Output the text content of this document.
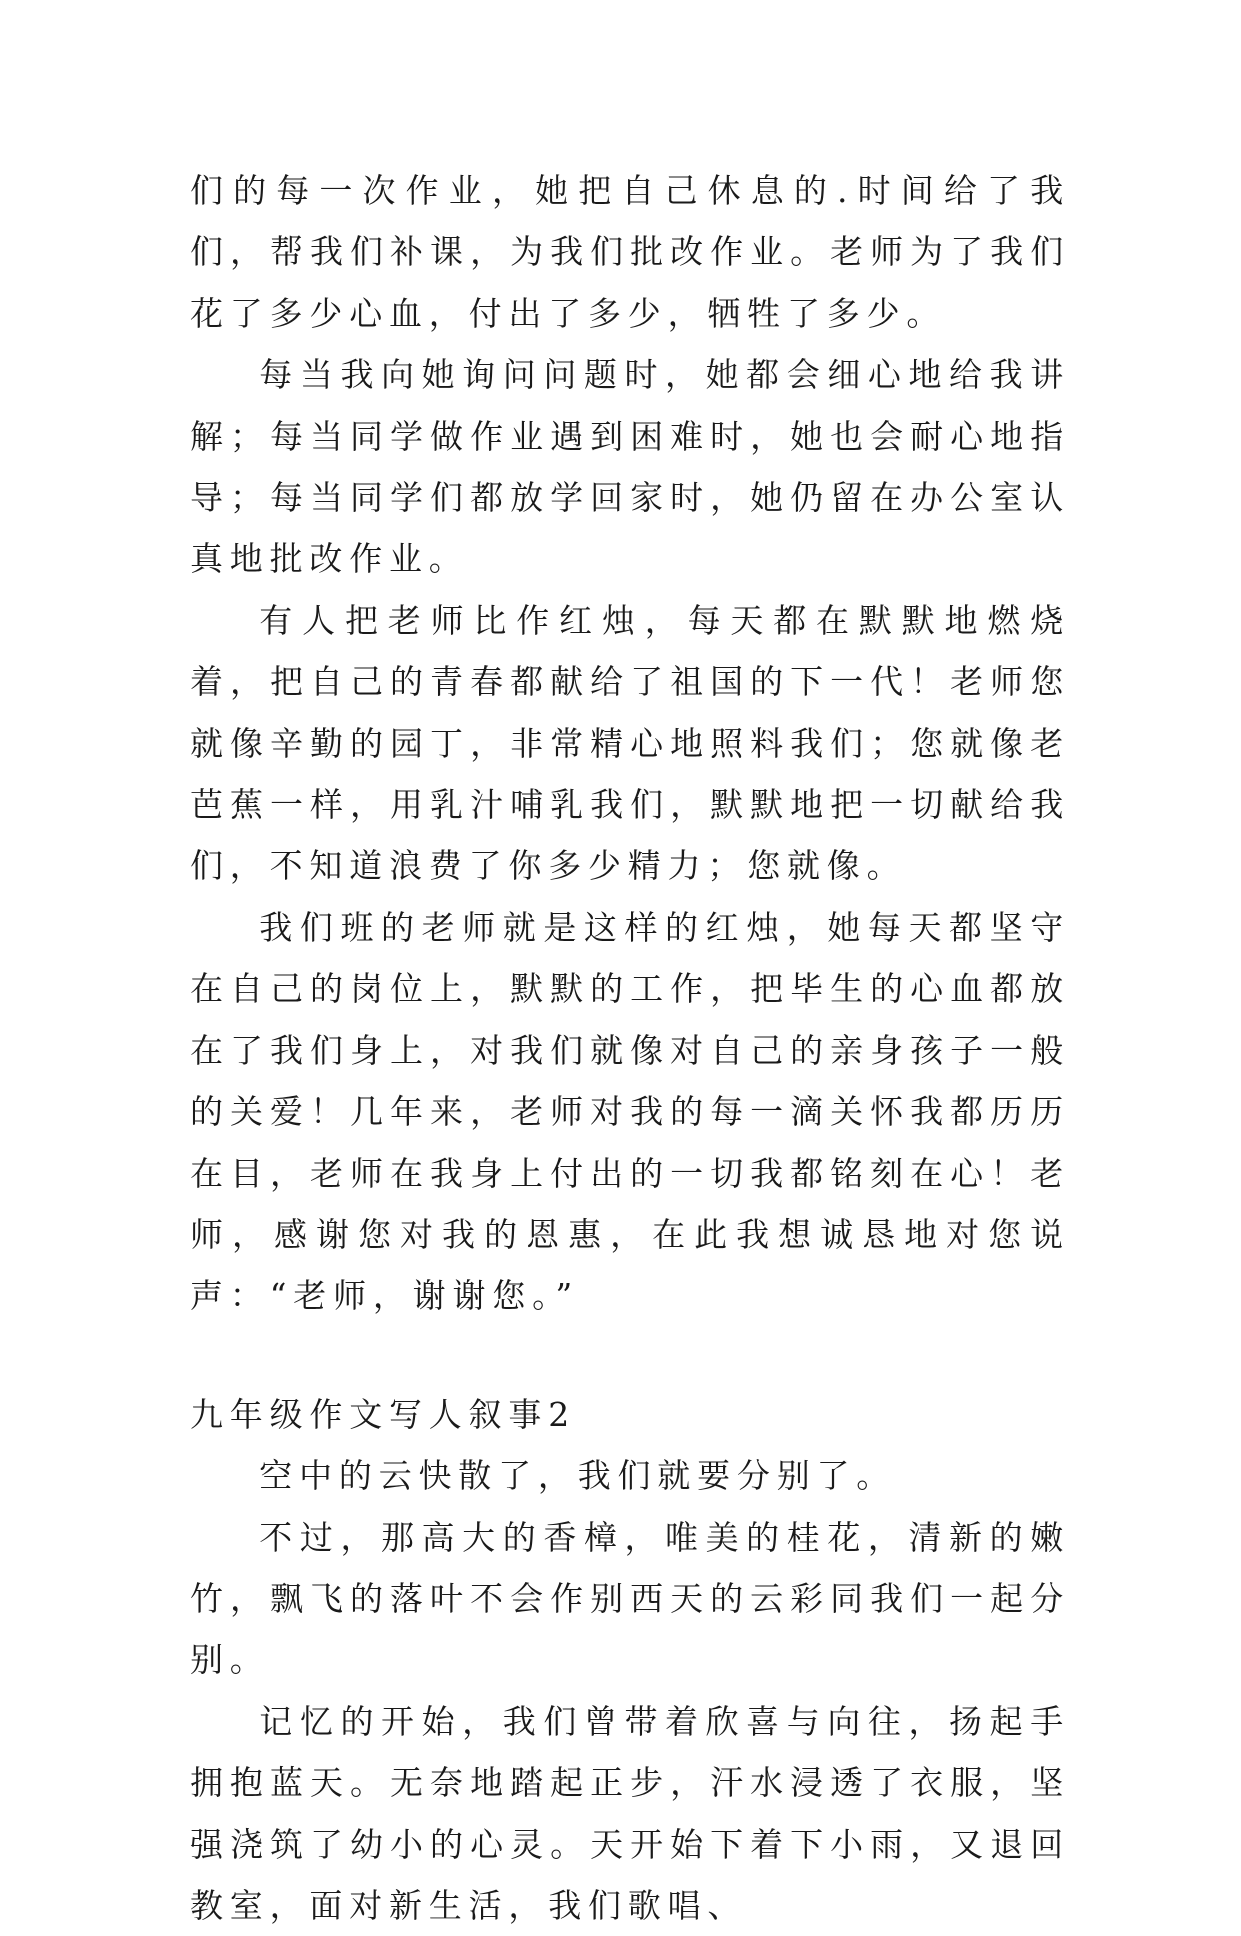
们的每一次作业，她把自己休息的.时间给了我们，帮我们补课，为我们批改作业。老师为了我们花了多少心血，付出了多少，牺牲了多少。

每当我向她询问问题时，她都会细心地给我讲解；每当同学做作业遇到困难时，她也会耐心地指导；每当同学们都放学回家时，她仍留在办公室认真地批改作业。

有人把老师比作红烛，每天都在默默地燃烧着，把自己的青春都献给了祖国的下一代！老师您就像辛勤的园丁，非常精心地照料我们；您就像老芭蕉一样，用乳汁哺乳我们，默默地把一切献给我们，不知道浪费了你多少精力；您就像。

我们班的老师就是这样的红烛，她每天都坚守在自己的岗位上，默默的工作，把毕生的心血都放在了我们身上，对我们就像对自己的亲身孩子一般的关爱！几年来，老师对我的每一滴关怀我都历历在目，老师在我身上付出的一切我都铭刻在心！老师，感谢您对我的恩惠，在此我想诚恳地对您说声：“老师，谢谢您。”

九年级作文写人叙事2

空中的云快散了，我们就要分别了。

不过，那高大的香樟，唯美的桂花，清新的嫩竹，飘飞的落叶不会作别西天的云彩同我们一起分别。

记忆的开始，我们曾带着欣喜与向往，扬起手拥抱蓝天。无奈地踏起正步，汗水浸透了衣服，坚强浇筑了幼小的心灵。天开始下着下小雨，又退回教室，面对新生活，我们歌唱、
